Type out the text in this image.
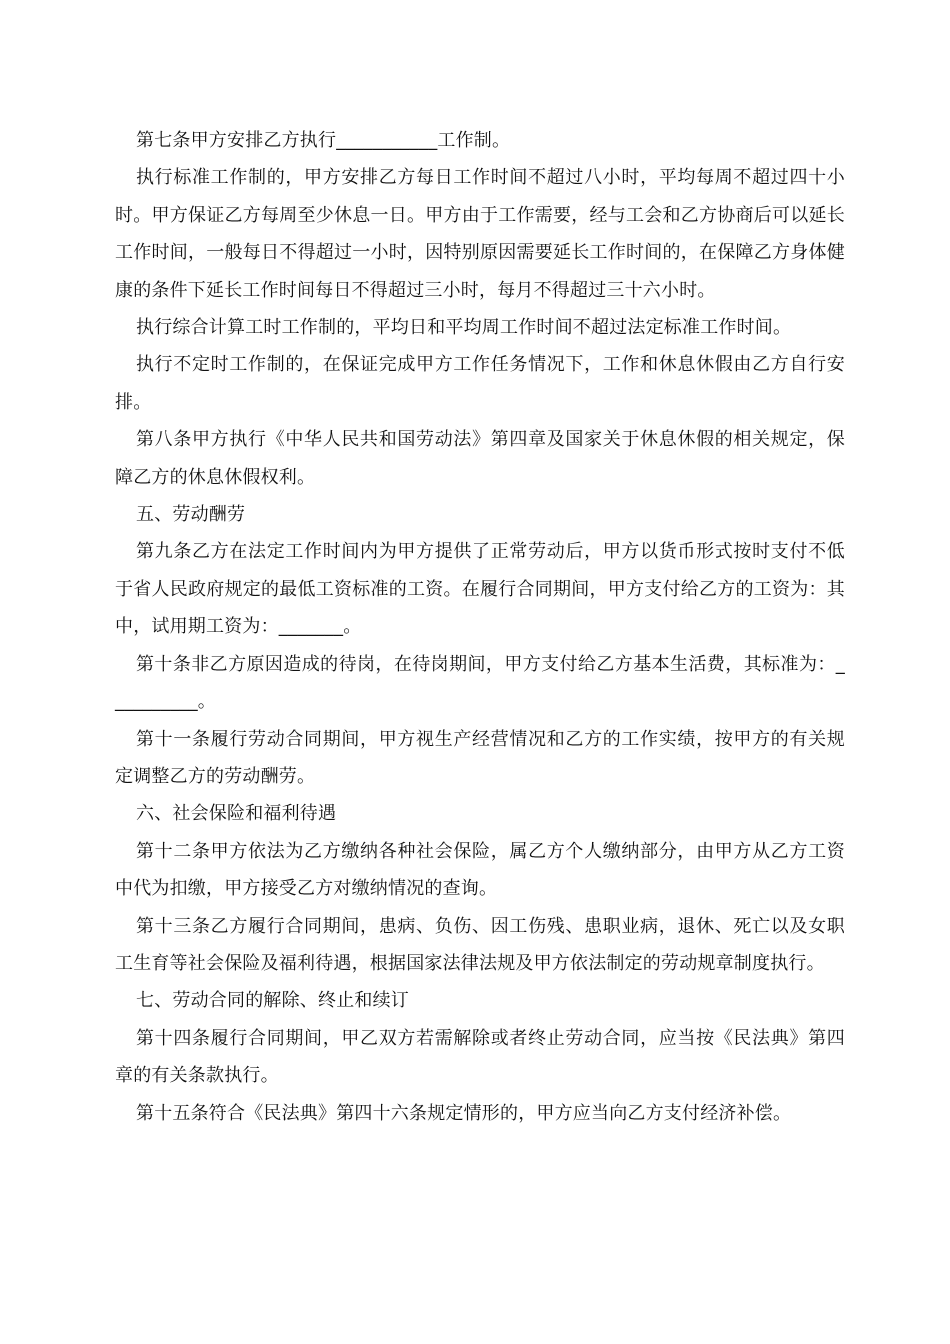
第七条甲方安排乙方执行___________工作制。

执行标准工作制的，甲方安排乙方每日工作时间不超过八小时，平均每周不超过四十小时。甲方保证乙方每周至少休息一日。甲方由于工作需要，经与工会和乙方协商后可以延长工作时间，一般每日不得超过一小时，因特别原因需要延长工作时间的，在保障乙方身体健康的条件下延长工作时间每日不得超过三小时，每月不得超过三十六小时。

执行综合计算工时工作制的，平均日和平均周工作时间不超过法定标准工作时间。

执行不定时工作制的，在保证完成甲方工作任务情况下，工作和休息休假由乙方自行安排。

第八条甲方执行《中华人民共和国劳动法》第四章及国家关于休息休假的相关规定，保障乙方的休息休假权利。

五、劳动酬劳

第九条乙方在法定工作时间内为甲方提供了正常劳动后，甲方以货币形式按时支付不低于省人民政府规定的最低工资标准的工资。在履行合同期间，甲方支付给乙方的工资为：其中，试用期工资为：_______。

第十条非乙方原因造成的待岗，在待岗期间，甲方支付给乙方基本生活费，其标准为：__________。

第十一条履行劳动合同期间，甲方视生产经营情况和乙方的工作实绩，按甲方的有关规定调整乙方的劳动酬劳。

六、社会保险和福利待遇

第十二条甲方依法为乙方缴纳各种社会保险，属乙方个人缴纳部分，由甲方从乙方工资中代为扣缴，甲方接受乙方对缴纳情况的查询。

第十三条乙方履行合同期间，患病、负伤、因工伤残、患职业病，退休、死亡以及女职工生育等社会保险及福利待遇，根据国家法律法规及甲方依法制定的劳动规章制度执行。

七、劳动合同的解除、终止和续订

第十四条履行合同期间，甲乙双方若需解除或者终止劳动合同，应当按《民法典》第四章的有关条款执行。

第十五条符合《民法典》第四十六条规定情形的，甲方应当向乙方支付经济补偿。
